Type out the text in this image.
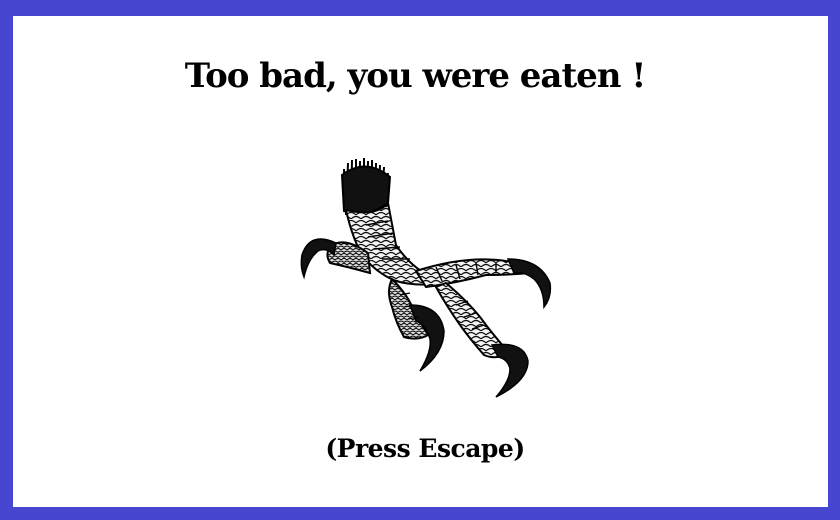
Too bad, you were eaten !
(Press Escape)
